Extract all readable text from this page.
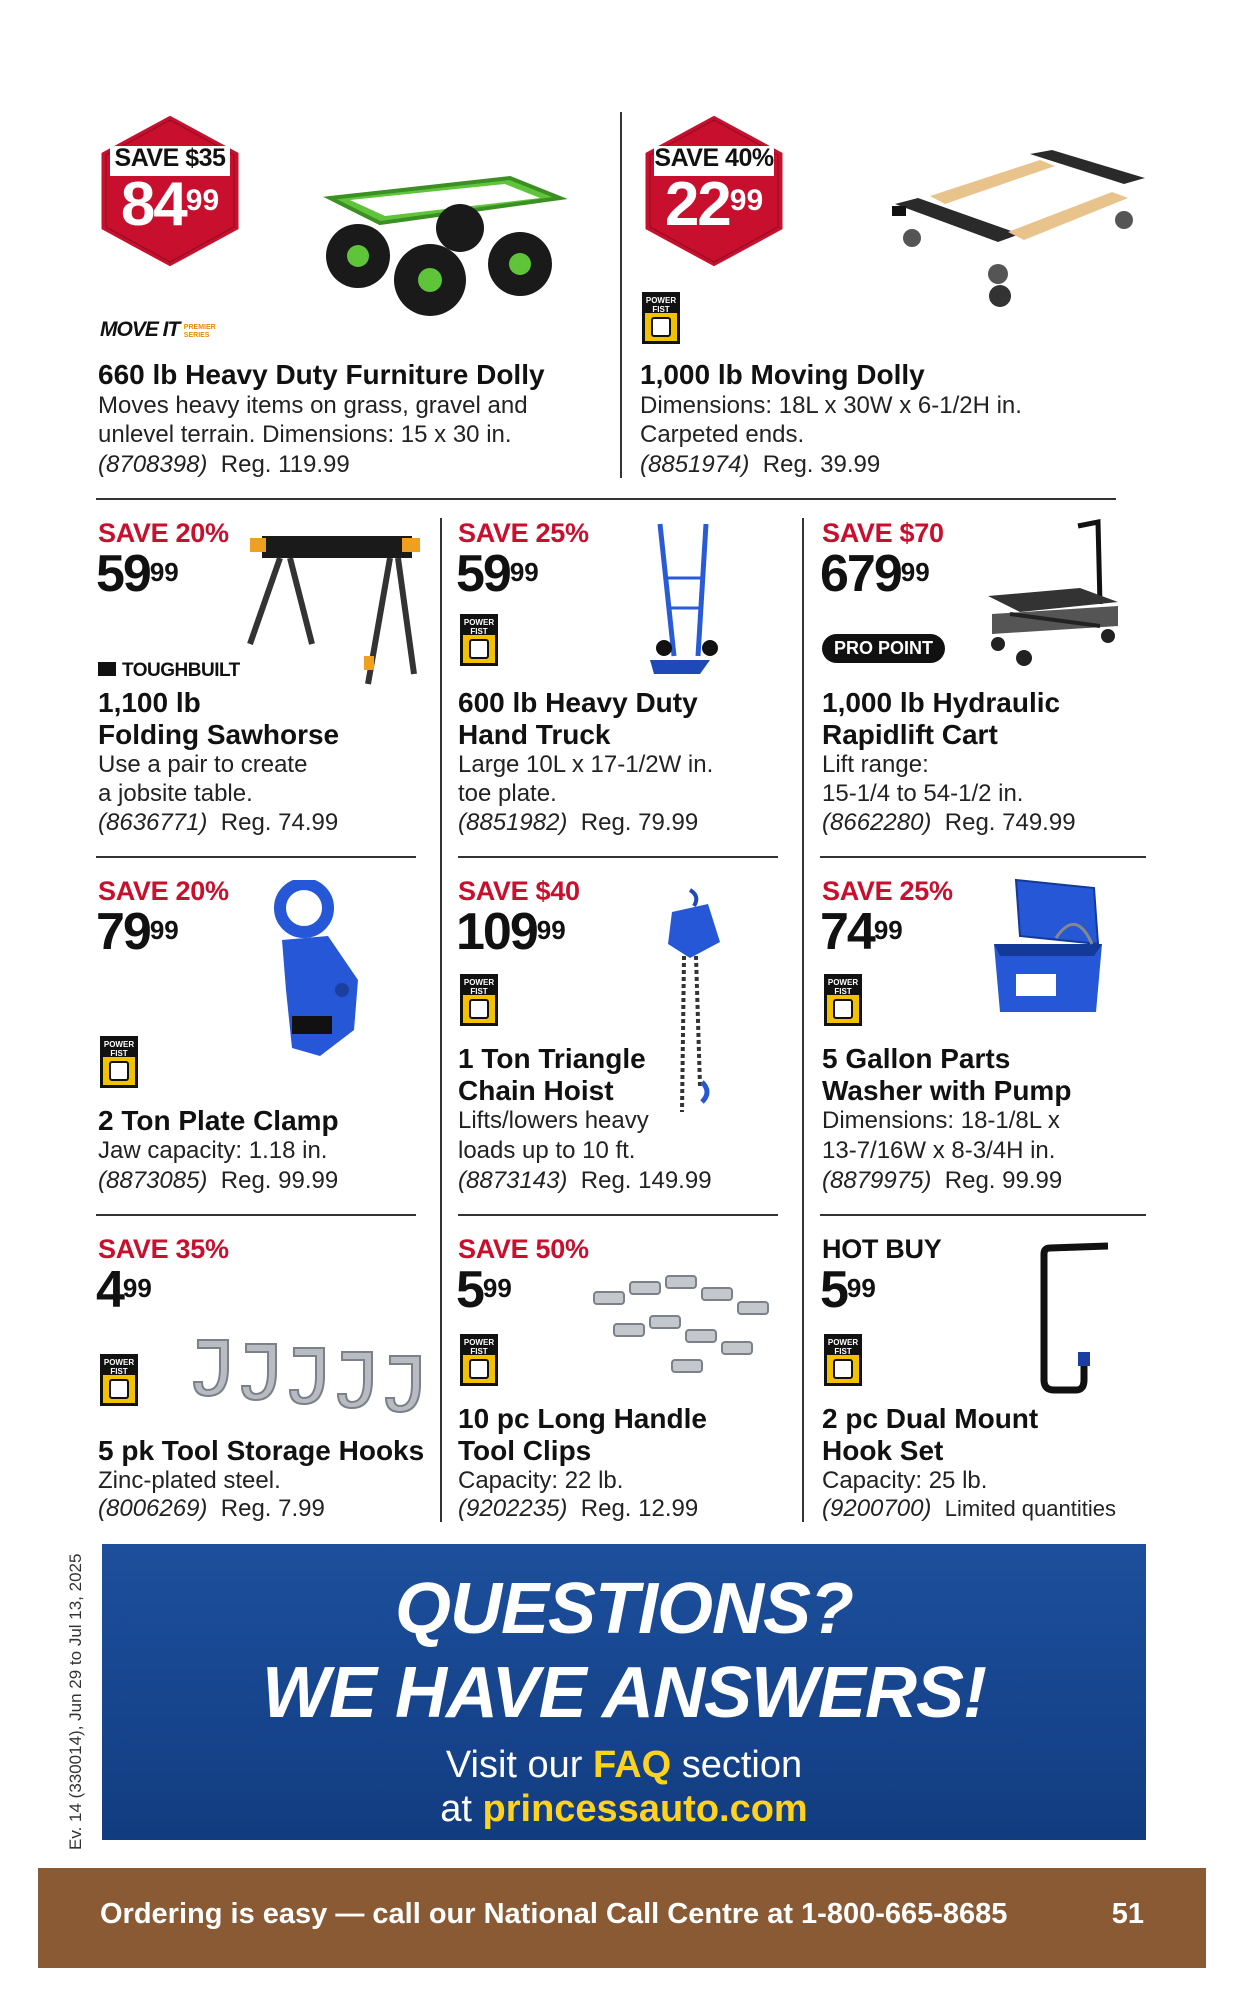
SAVE $35
$84^{99}$
MOVE IT PREMIER SERIES
660 lb Heavy Duty Furniture Dolly
Moves heavy items on grass, gravel and
unlevel terrain. Dimensions: 15 x 30 in.
(8708398) Reg. 119.99
SAVE 40%
$22^{99}$
POWER
FIST
1,000 lb Moving Dolly
Dimensions: 18L x 30W x 6-1/2H in.
Carpeted ends.
(8851974) Reg. 39.99
SAVE 20%
$59^{99}$
TOUGHBUILT
1,100 lb
Folding Sawhorse
Use a pair to create
a jobsite table.
(8636771) Reg. 74.99
SAVE 25%
$59^{99}$
POWER
FIST
600 lb Heavy Duty
Hand Truck
Large 10L x 17-1/2W in.
toe plate.
(8851982) Reg. 79.99
SAVE $70
$679^{99}$
PRO POINT
1,000 lb Hydraulic
Rapidlift Cart
Lift range:
15-1/4 to 54-1/2 in.
(8662280) Reg. 749.99
SAVE 20%
$79^{99}$
POWER
FIST
2 Ton Plate Clamp
Jaw capacity: 1.18 in.
(8873085) Reg. 99.99
SAVE $40
$109^{99}$
POWER
FIST
1 Ton Triangle
Chain Hoist
Lifts/lowers heavy
loads up to 10 ft.
(8873143) Reg. 149.99
SAVE 25%
$74^{99}$
POWER
FIST
5 Gallon Parts
Washer with Pump
Dimensions: 18-1/8L x
13-7/16W x 8-3/4H in.
(8879975) Reg. 99.99
SAVE 35%
$4^{99}$
POWER
FIST
5 pk Tool Storage Hooks
Zinc-plated steel.
(8006269) Reg. 7.99
SAVE 50%
$5^{99}$
POWER
FIST
10 pc Long Handle
Tool Clips
Capacity: 22 lb.
(9202235) Reg. 12.99
HOT BUY
$5^{99}$
POWER
FIST
2 pc Dual Mount
Hook Set
Capacity: 25 lb.
(9200700) Limited quantities
QUESTIONS?
WE HAVE ANSWERS!
Visit our FAQ section
at princessauto.com
Ev. 14 (330014), Jun 29 to Jul 13, 2025
Ordering is easy — call our National Call Centre at 1-800-665-8685	51
